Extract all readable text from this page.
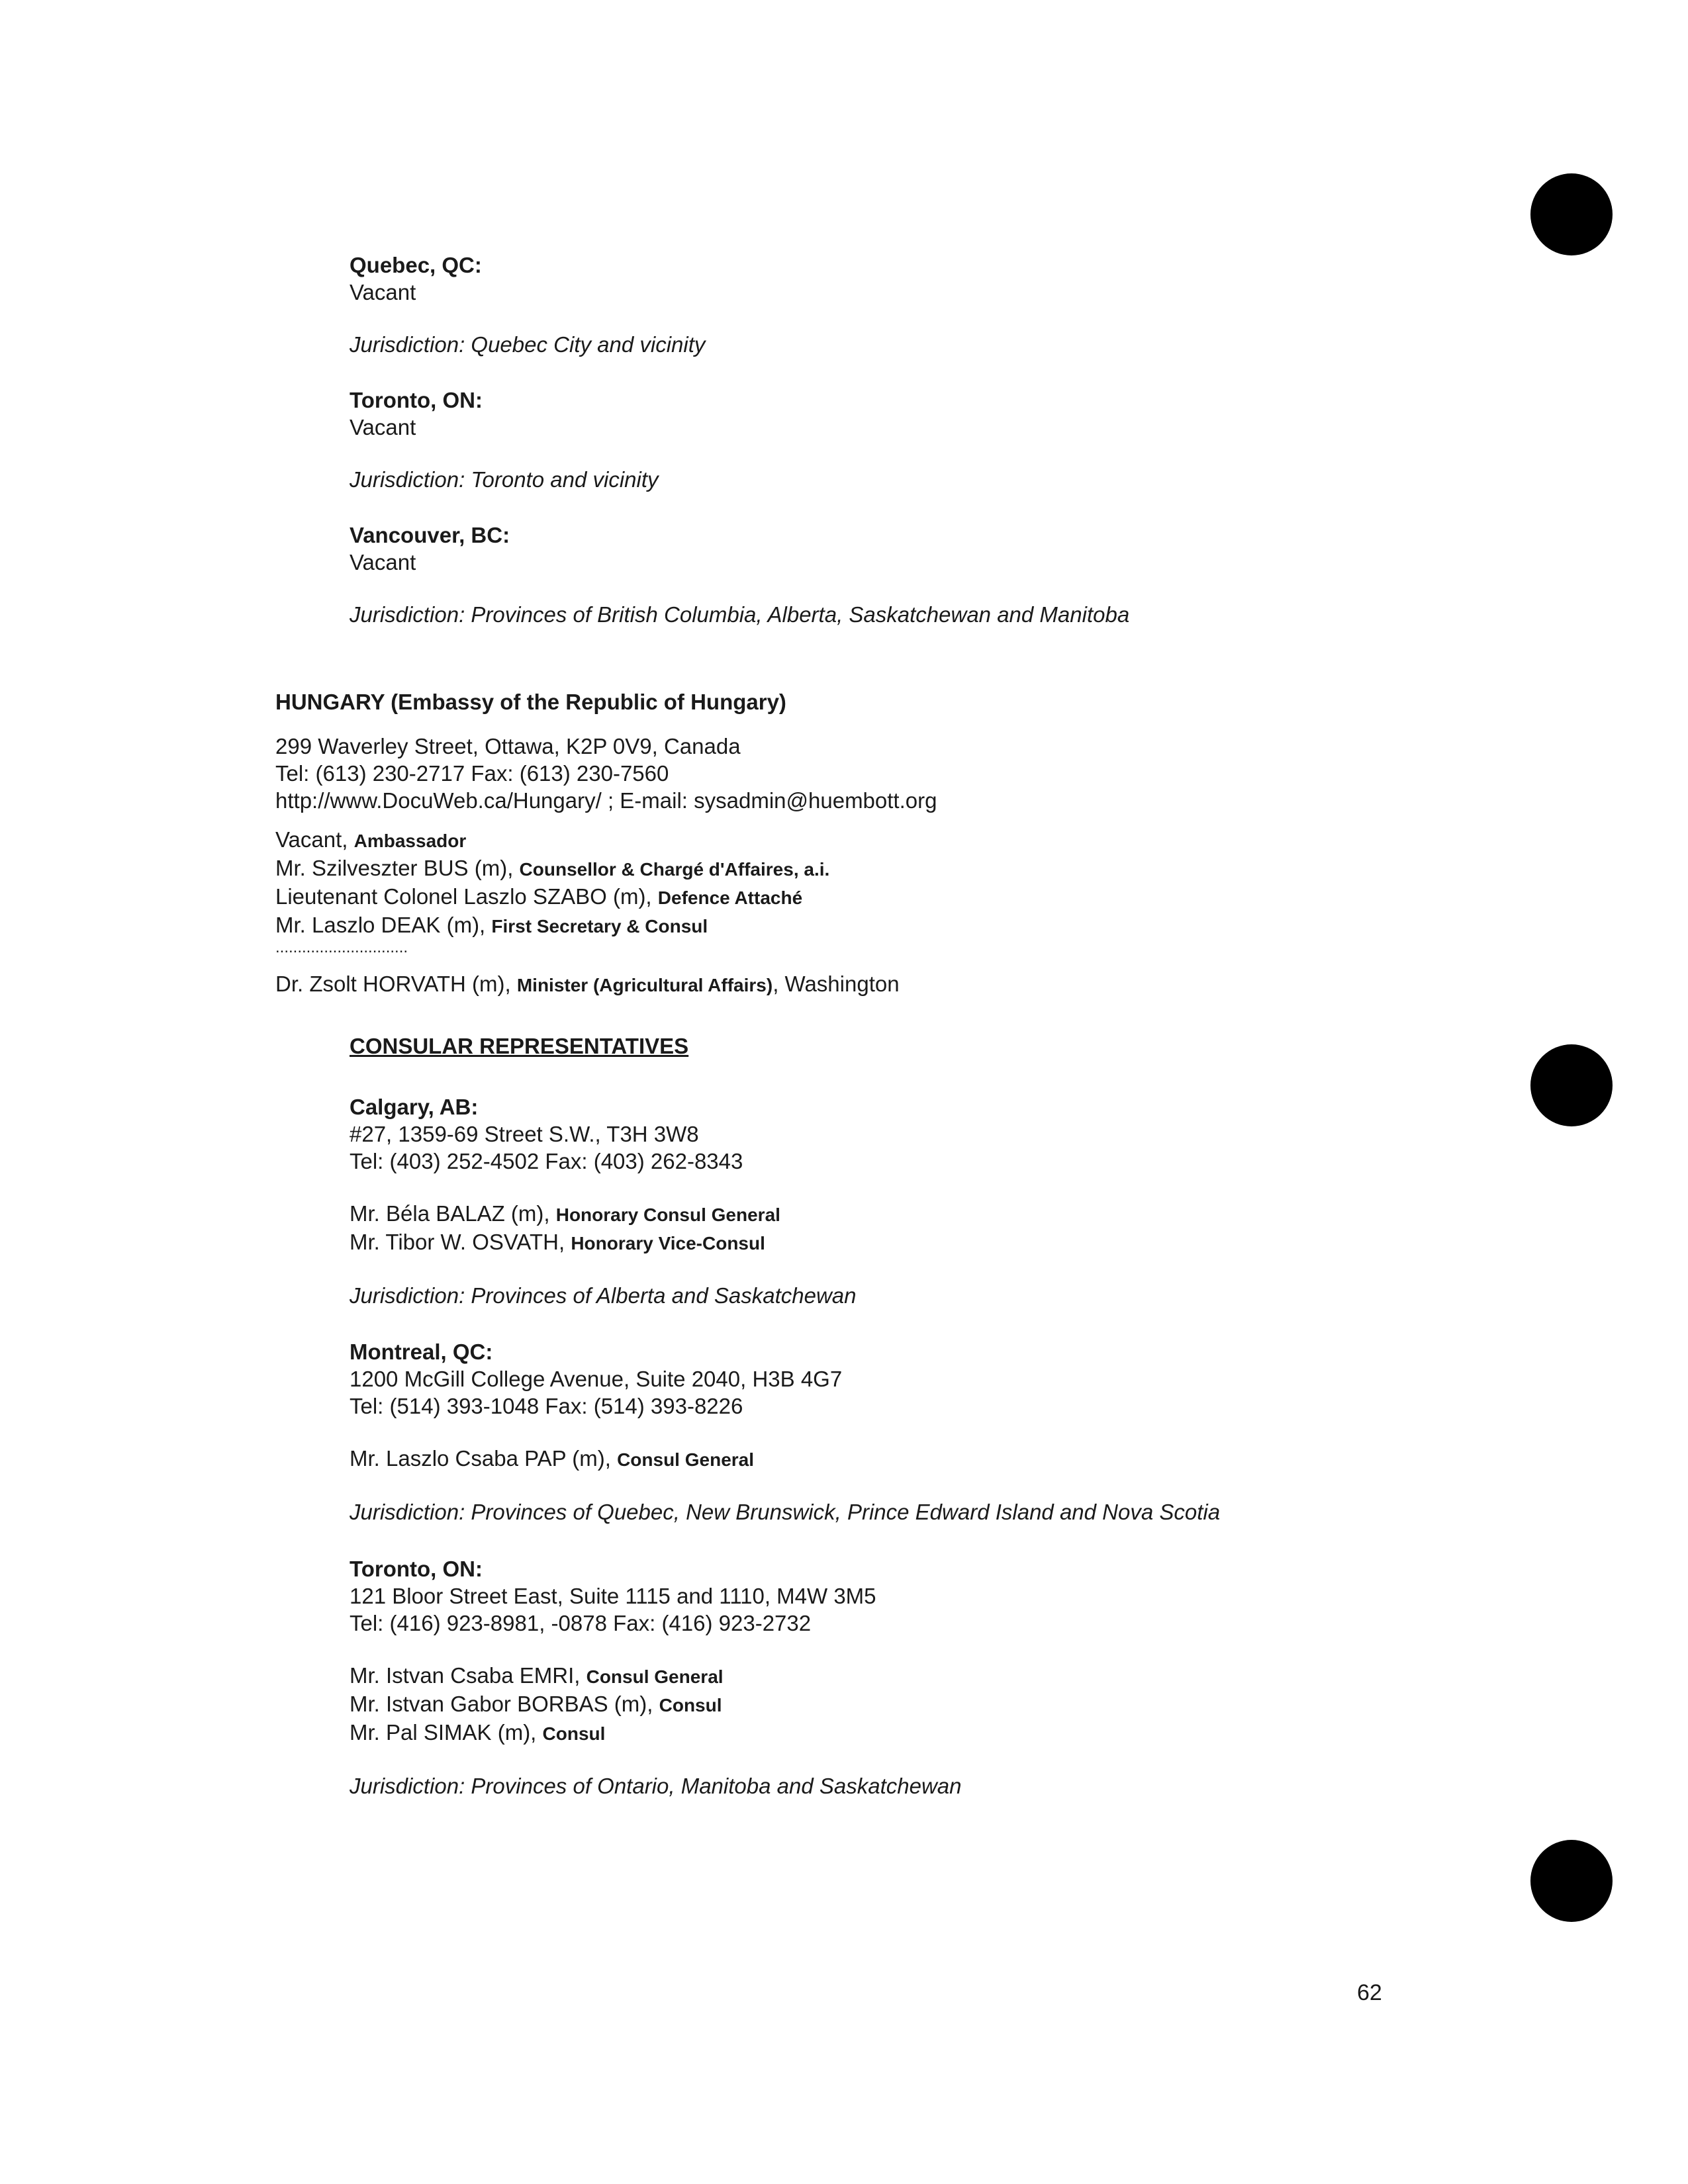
Quebec, QC:
Vacant
Jurisdiction: Quebec City and vicinity
Toronto, ON:
Vacant
Jurisdiction: Toronto and vicinity
Vancouver, BC:
Vacant
Jurisdiction: Provinces of British Columbia, Alberta, Saskatchewan and Manitoba
HUNGARY (Embassy of the Republic of Hungary)
299 Waverley Street, Ottawa, K2P 0V9, Canada
Tel: (613) 230-2717 Fax: (613) 230-7560
http://www.DocuWeb.ca/Hungary/ ; E-mail: sysadmin@huembott.org
Vacant, Ambassador
Mr. Szilveszter BUS (m), Counsellor & Chargé d'Affaires, a.i.
Lieutenant Colonel Laszlo SZABO (m), Defence Attaché
Mr. Laszlo DEAK (m), First Secretary & Consul
..............................
Dr. Zsolt HORVATH (m), Minister (Agricultural Affairs), Washington
CONSULAR REPRESENTATIVES
Calgary, AB:
#27, 1359-69 Street S.W., T3H 3W8
Tel: (403) 252-4502 Fax: (403) 262-8343
Mr. Béla BALAZ (m), Honorary Consul General
Mr. Tibor W. OSVATH, Honorary Vice-Consul
Jurisdiction: Provinces of Alberta and Saskatchewan
Montreal, QC:
1200 McGill College Avenue, Suite 2040, H3B 4G7
Tel: (514) 393-1048 Fax: (514) 393-8226
Mr. Laszlo Csaba PAP (m), Consul General
Jurisdiction: Provinces of Quebec, New Brunswick, Prince Edward Island and Nova Scotia
Toronto, ON:
121 Bloor Street East, Suite 1115 and 1110, M4W 3M5
Tel: (416) 923-8981, -0878 Fax: (416) 923-2732
Mr. Istvan Csaba EMRI, Consul General
Mr. Istvan Gabor BORBAS (m), Consul
Mr. Pal SIMAK (m), Consul
Jurisdiction: Provinces of Ontario, Manitoba and Saskatchewan
62
